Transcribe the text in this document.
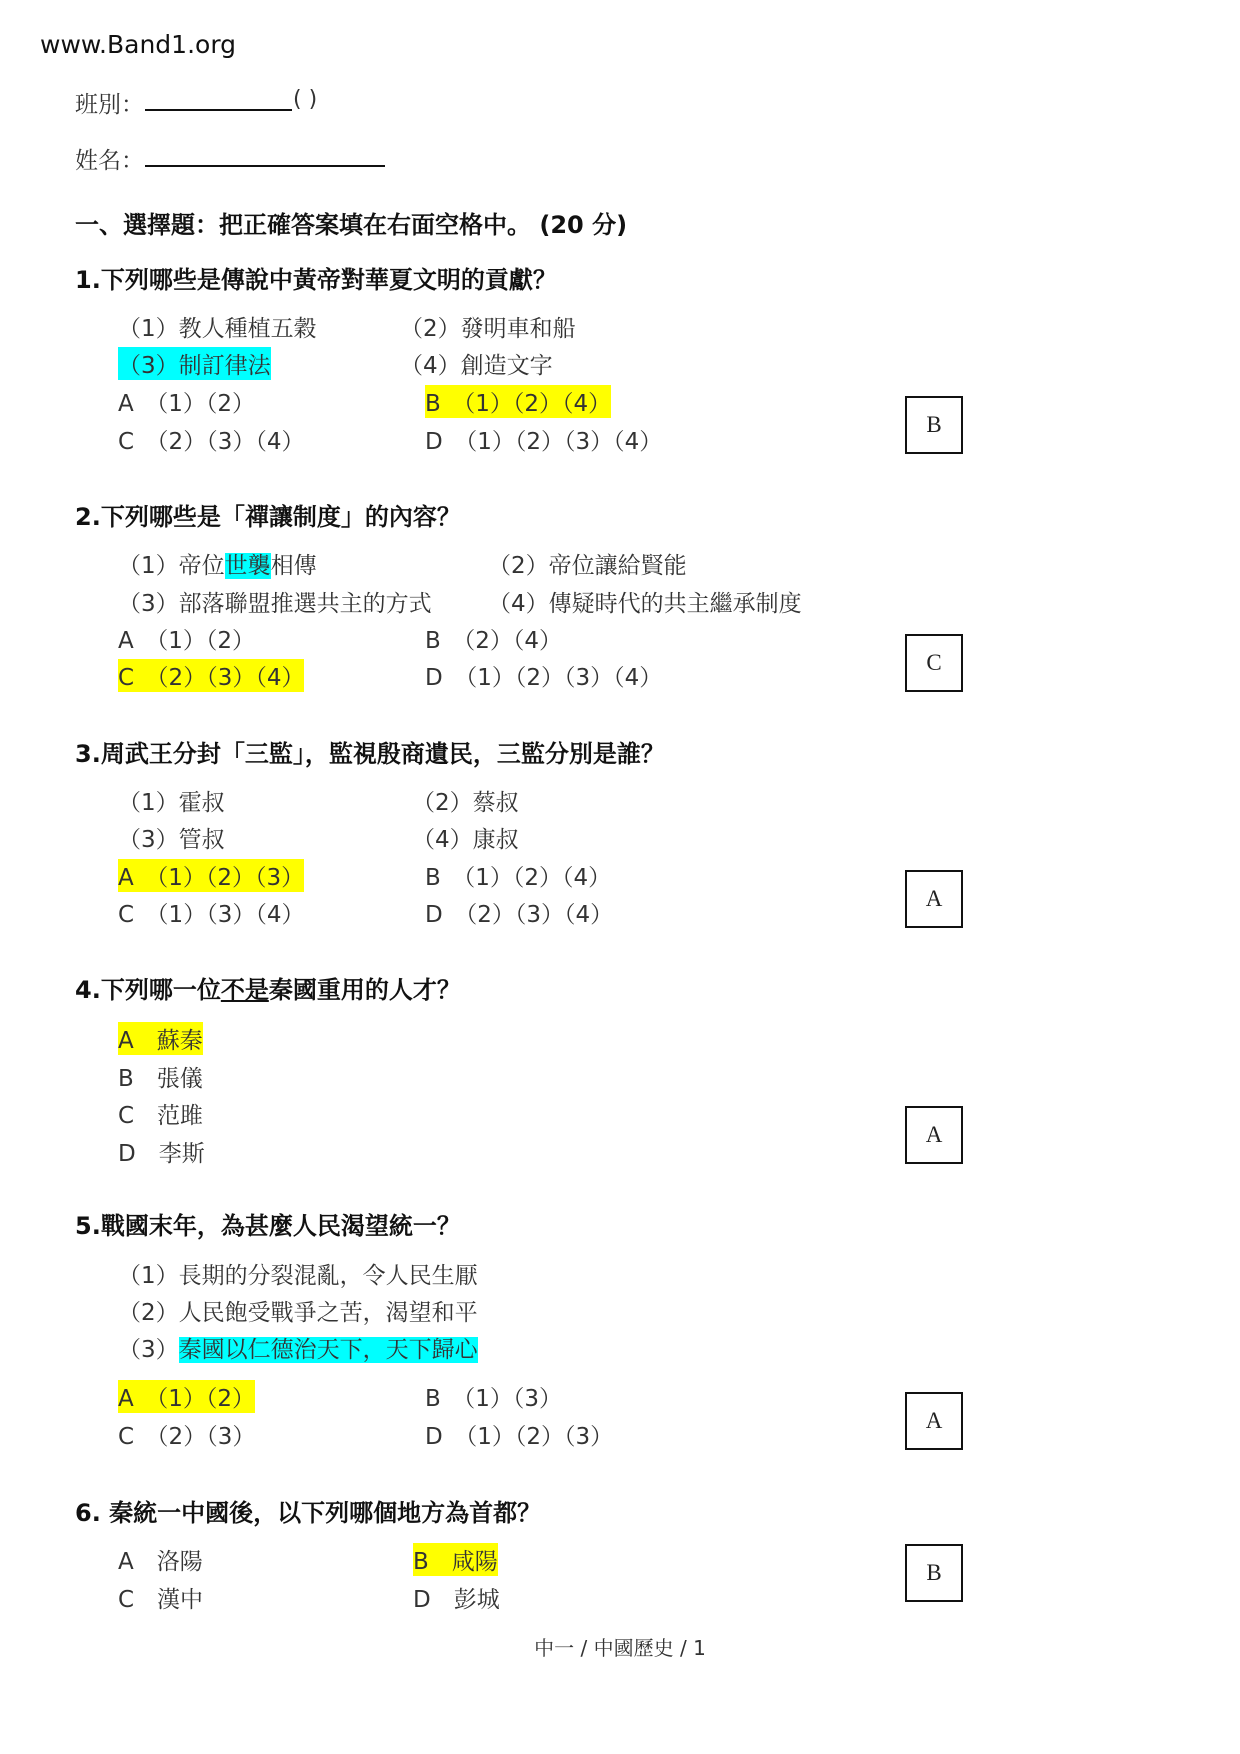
www.Band1.org
班別：	( )
姓名：
一、選擇題：把正確答案填在右面空格中。 (20 分)
1.下列哪些是傳說中黃帝對華夏文明的貢獻？
（1）教人種植五穀	（2）發明車和船
（3）制訂律法	（4）創造文字
A　（1）（2）	B　（1）（2）（4）
C　（2）（3）（4）	D　（1）（2）（3）（4）
B
2.下列哪些是「禪讓制度」的內容？
（1）帝位世襲相傳	（2）帝位讓給賢能
（3）部落聯盟推選共主的方式 （4）傳疑時代的共主繼承制度
A　（1）（2）	B　（2）（4）
C　（2）（3）（4）	D　（1）（2）（3）（4）
C
3.周武王分封「三監」，監視殷商遺民，三監分別是誰？
（1）霍叔	（2）蔡叔
（3）管叔	（4）康叔
A　（1）（2）（3）	B　（1）（2）（4）
C　（1）（3）（4）	D　（2）（3）（4）
A
4.下列哪一位不是秦國重用的人才？
A　蘇秦
B　張儀
C　范雎
D　李斯
A
5.戰國末年，為甚麼人民渴望統一？
（1）長期的分裂混亂，令人民生厭
（2）人民飽受戰爭之苦，渴望和平
（3）秦國以仁德治天下，天下歸心
A　（1）（2）	B　（1）（3）
C　（2）（3）	D　（1）（2）（3）
A
6. 秦統一中國後，以下列哪個地方為首都？
A　洛陽	B　咸陽
C　漢中	D　彭城
B
中一 / 中國歷史 / 1
